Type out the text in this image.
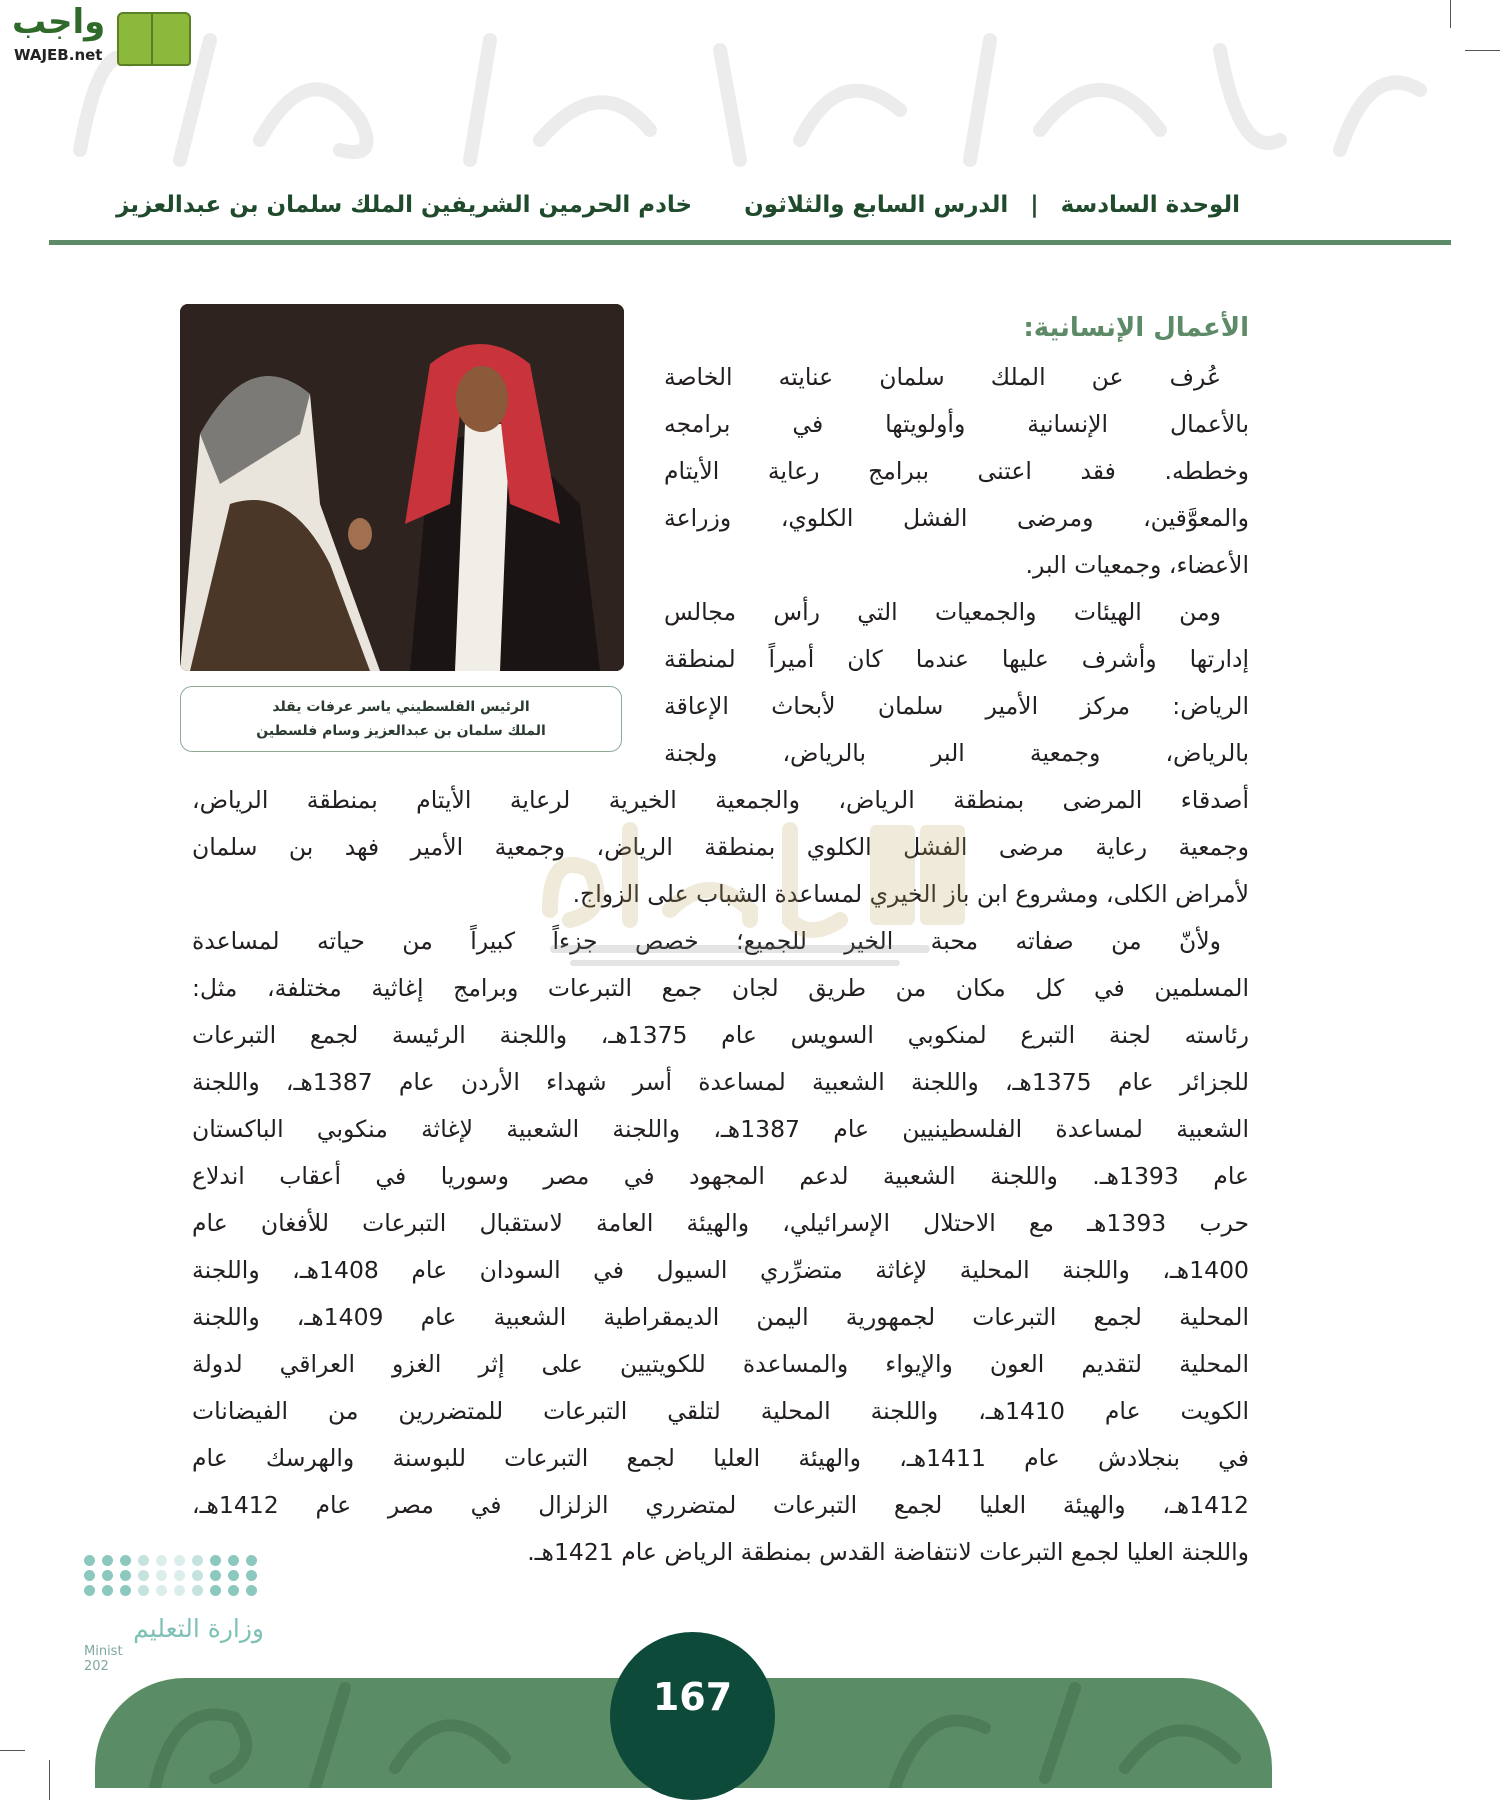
واجب
WAJEB.net
الوحدة السادسة | الدرس السابع والثلاثون  خادم الحرمين الشريفين الملك سلمان بن عبدالعزيز
الرئيس الفلسطيني ياسر عرفات يقلد
الملك سلمان بن عبدالعزيز وسام فلسطين
الأعمال الإنسانية:
عُرف عن الملك سلمان عنايته الخاصة
بالأعمال الإنسانية وأولويتها في برامجه
وخططه. فقد اعتنى ببرامج رعاية الأيتام
والمعوَّقين، ومرضى الفشل الكلوي، وزراعة
الأعضاء، وجمعيات البر.
ومن الهيئات والجمعيات التي رأس مجالس
إدارتها وأشرف عليها عندما كان أميراً لمنطقة
الرياض: مركز الأمير سلمان لأبحاث الإعاقة
بالرياض، وجمعية البر بالرياض، ولجنة
أصدقاء المرضى بمنطقة الرياض، والجمعية الخيرية لرعاية الأيتام بمنطقة الرياض،
وجمعية رعاية مرضى الفشل الكلوي بمنطقة الرياض، وجمعية الأمير فهد بن سلمان
لأمراض الكلى، ومشروع ابن باز الخيري لمساعدة الشباب على الزواج.
ولأنّ من صفاته محبة الخير للجميع؛ خصص جزءاً كبيراً من حياته لمساعدة
المسلمين في كل مكان من طريق لجان جمع التبرعات وبرامج إغاثية مختلفة، مثل:
رئاسته لجنة التبرع لمنكوبي السويس عام 1375هـ، واللجنة الرئيسة لجمع التبرعات
للجزائر عام 1375هـ، واللجنة الشعبية لمساعدة أسر شهداء الأردن عام 1387هـ، واللجنة
الشعبية لمساعدة الفلسطينيين عام 1387هـ، واللجنة الشعبية لإغاثة منكوبي الباكستان
عام 1393هـ. واللجنة الشعبية لدعم المجهود في مصر وسوريا في أعقاب اندلاع
حرب 1393هـ مع الاحتلال الإسرائيلي، والهيئة العامة لاستقبال التبرعات للأفغان عام
1400هـ، واللجنة المحلية لإغاثة متضرِّري السيول في السودان عام 1408هـ، واللجنة
المحلية لجمع التبرعات لجمهورية اليمن الديمقراطية الشعبية عام 1409هـ، واللجنة
المحلية لتقديم العون والإيواء والمساعدة للكويتيين على إثر الغزو العراقي لدولة
الكويت عام 1410هـ، واللجنة المحلية لتلقي التبرعات للمتضررين من الفيضانات
في بنجلادش عام 1411هـ، والهيئة العليا لجمع التبرعات للبوسنة والهرسك عام
1412هـ، والهيئة العليا لجمع التبرعات لمتضرري الزلزال في مصر عام 1412هـ،
واللجنة العليا لجمع التبرعات لانتفاضة القدس بمنطقة الرياض عام 1421هـ.
وزارة التعليم
Minist
202
167
